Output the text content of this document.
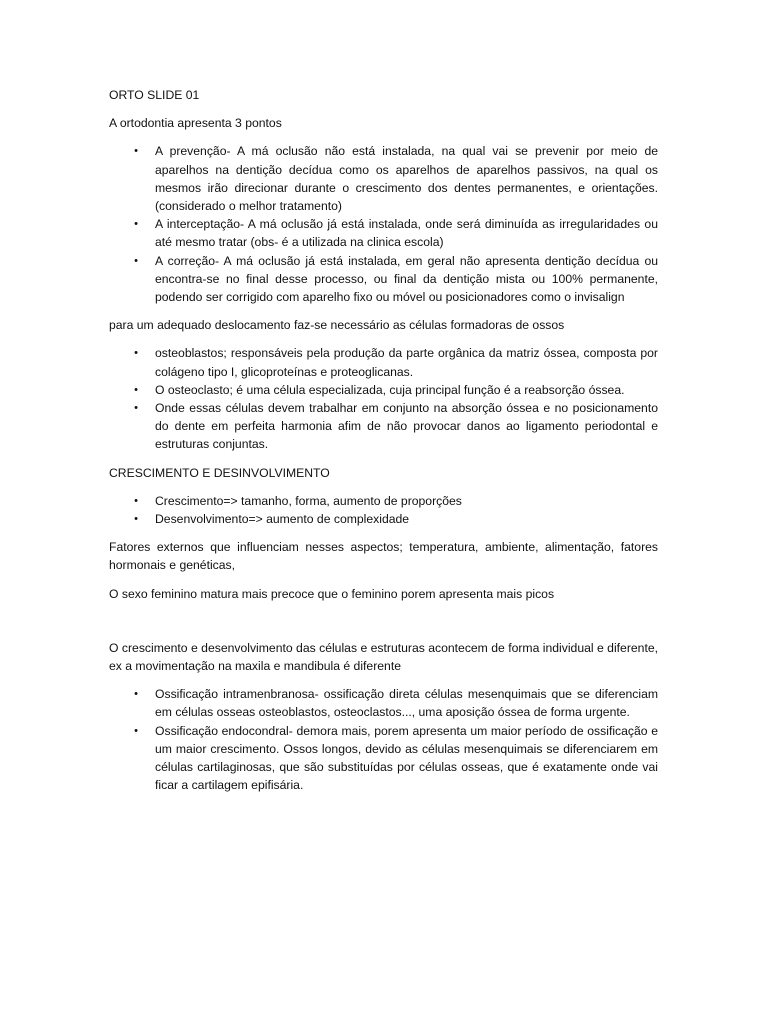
ORTO SLIDE 01

A ortodontia apresenta 3 pontos

• A prevenção- A má oclusão não está instalada, na qual vai se prevenir por meio de aparelhos na dentição decídua como os aparelhos de aparelhos passivos, na qual os mesmos irão direcionar durante o crescimento dos dentes permanentes, e orientações.(considerado o melhor tratamento)
• A interceptação- A má oclusão já está instalada, onde será diminuída as irregularidades ou até mesmo tratar (obs- é a utilizada na clinica escola)
• A correção- A má oclusão já está instalada, em geral não apresenta dentição decídua ou encontra-se no final desse processo, ou final da dentição mista ou 100% permanente, podendo ser corrigido com aparelho fixo ou móvel ou posicionadores como o invisalign

para um adequado deslocamento faz-se necessário as células formadoras de ossos

• osteoblastos; responsáveis pela produção da parte orgânica da matriz óssea, composta por colágeno tipo I, glicoproteínas e proteoglicanas.
• O osteoclasto; é uma célula especializada, cuja principal função é a reabsorção óssea.
• Onde essas células devem trabalhar em conjunto na absorção óssea e no posicionamento do dente em perfeita harmonia afim de não provocar danos ao ligamento periodontal e estruturas conjuntas.

CRESCIMENTO E DESINVOLVIMENTO

• Crescimento=> tamanho, forma, aumento de proporções
• Desenvolvimento=> aumento de complexidade

Fatores externos que influenciam nesses aspectos; temperatura, ambiente, alimentação, fatores hormonais e genéticas,

O sexo feminino matura mais precoce que o feminino porem apresenta mais picos

O crescimento e desenvolvimento das células e estruturas acontecem de forma individual e diferente, ex a movimentação na maxila e mandibula é diferente

• Ossificação intramenbranosa- ossificação direta células mesenquimais que se diferenciam em células osseas osteoblastos, osteoclastos..., uma aposição óssea de forma urgente.
• Ossificação endocondral- demora mais, porem apresenta um maior período de ossificação e um maior crescimento. Ossos longos, devido as células mesenquimais se diferenciarem em células cartilaginosas, que são substituídas por células osseas, que é exatamente onde vai ficar a cartilagem epifisária.
